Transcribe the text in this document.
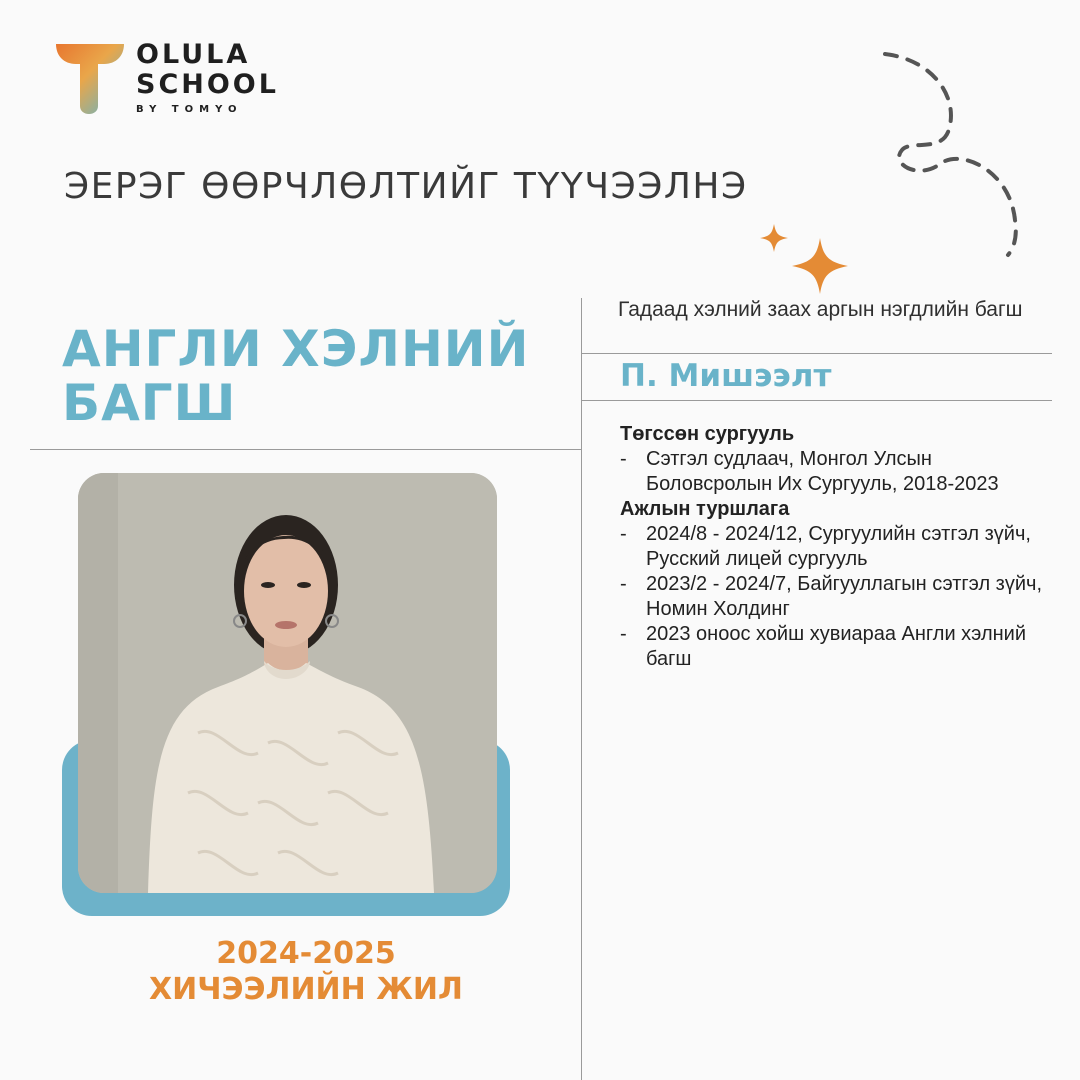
OLULA
SCHOOL
BY TOMYO
ЭЕРЭГ ӨӨРЧЛӨЛТИЙГ ТҮҮЧЭЭЛНЭ
АНГЛИ ХЭЛНИЙ
БАГШ
2024-2025
ХИЧЭЭЛИЙН ЖИЛ
Гадаад хэлний заах аргын нэгдлийн багш
П. Мишээлт
Төгссөн сургууль
- Сэтгэл судлаач, Монгол Улсын Боловсролын Их Сургууль, 2018-2023
Ажлын туршлага
- 2024/8 - 2024/12, Сургуулийн сэтгэл зүйч, Русский лицей сургууль
- 2023/2 - 2024/7, Байгууллагын сэтгэл зүйч, Номин Холдинг
- 2023 оноос хойш хувиараа Англи хэлний багш
